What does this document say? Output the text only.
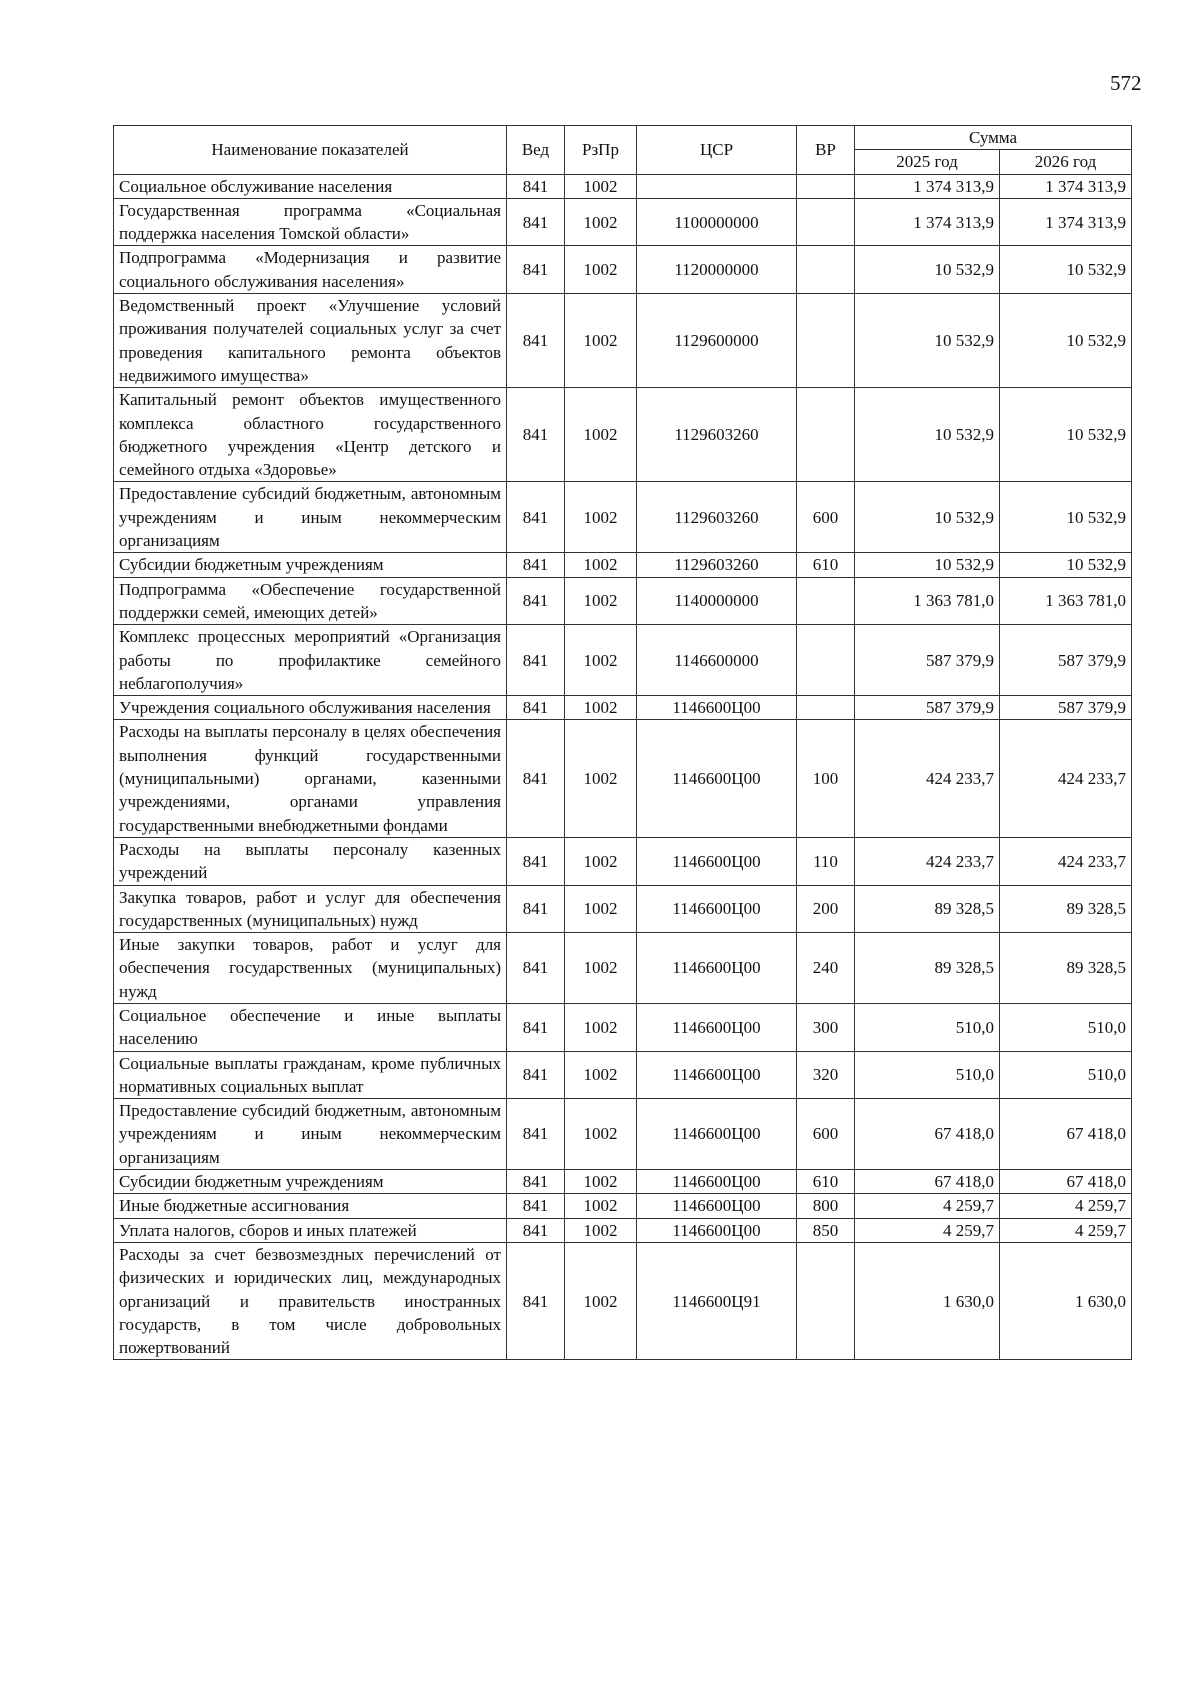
572
Наименование показателей	Вед	РзПр	ЦСР	ВР	Сумма	
					2025 год	2026 год
Социальное обслуживание населения	841	1002			1 374 313,9	1 374 313,9
Государственная программа «Социальная поддержка населения Томской области»	841	1002	1100000000		1 374 313,9	1 374 313,9
Подпрограмма «Модернизация и развитие социального обслуживания населения»	841	1002	1120000000		10 532,9	10 532,9
Ведомственный проект «Улучшение условий проживания получателей социальных услуг за счет проведения капитального ремонта объектов недвижимого имущества»	841	1002	1129600000		10 532,9	10 532,9
Капитальный ремонт объектов имущественного комплекса областного государственного бюджетного учреждения «Центр детского и семейного отдыха «Здоровье»	841	1002	1129603260		10 532,9	10 532,9
Предоставление субсидий бюджетным, автономным учреждениям и иным некоммерческим организациям	841	1002	1129603260	600	10 532,9	10 532,9
Субсидии бюджетным учреждениям	841	1002	1129603260	610	10 532,9	10 532,9
Подпрограмма «Обеспечение государственной поддержки семей, имеющих детей»	841	1002	1140000000		1 363 781,0	1 363 781,0
Комплекс процессных мероприятий «Организация работы по профилактике семейного неблагополучия»	841	1002	1146600000		587 379,9	587 379,9
Учреждения социального обслуживания населения	841	1002	1146600Ц00		587 379,9	587 379,9
Расходы на выплаты персоналу в целях обеспечения выполнения функций государственными (муниципальными) органами, казенными учреждениями, органами управления государственными внебюджетными фондами	841	1002	1146600Ц00	100	424 233,7	424 233,7
Расходы на выплаты персоналу казенных учреждений	841	1002	1146600Ц00	110	424 233,7	424 233,7
Закупка товаров, работ и услуг для обеспечения государственных (муниципальных) нужд	841	1002	1146600Ц00	200	89 328,5	89 328,5
Иные закупки товаров, работ и услуг для обеспечения государственных (муниципальных) нужд	841	1002	1146600Ц00	240	89 328,5	89 328,5
Социальное обеспечение и иные выплаты населению	841	1002	1146600Ц00	300	510,0	510,0
Социальные выплаты гражданам, кроме публичных нормативных социальных выплат	841	1002	1146600Ц00	320	510,0	510,0
Предоставление субсидий бюджетным, автономным учреждениям и иным некоммерческим организациям	841	1002	1146600Ц00	600	67 418,0	67 418,0
Субсидии бюджетным учреждениям	841	1002	1146600Ц00	610	67 418,0	67 418,0
Иные бюджетные ассигнования	841	1002	1146600Ц00	800	4 259,7	4 259,7
Уплата налогов, сборов и иных платежей	841	1002	1146600Ц00	850	4 259,7	4 259,7
Расходы за счет безвозмездных перечислений от физических и юридических лиц, международных организаций и правительств иностранных государств, в том числе добровольных пожертвований	841	1002	1146600Ц91		1 630,0	1 630,0
